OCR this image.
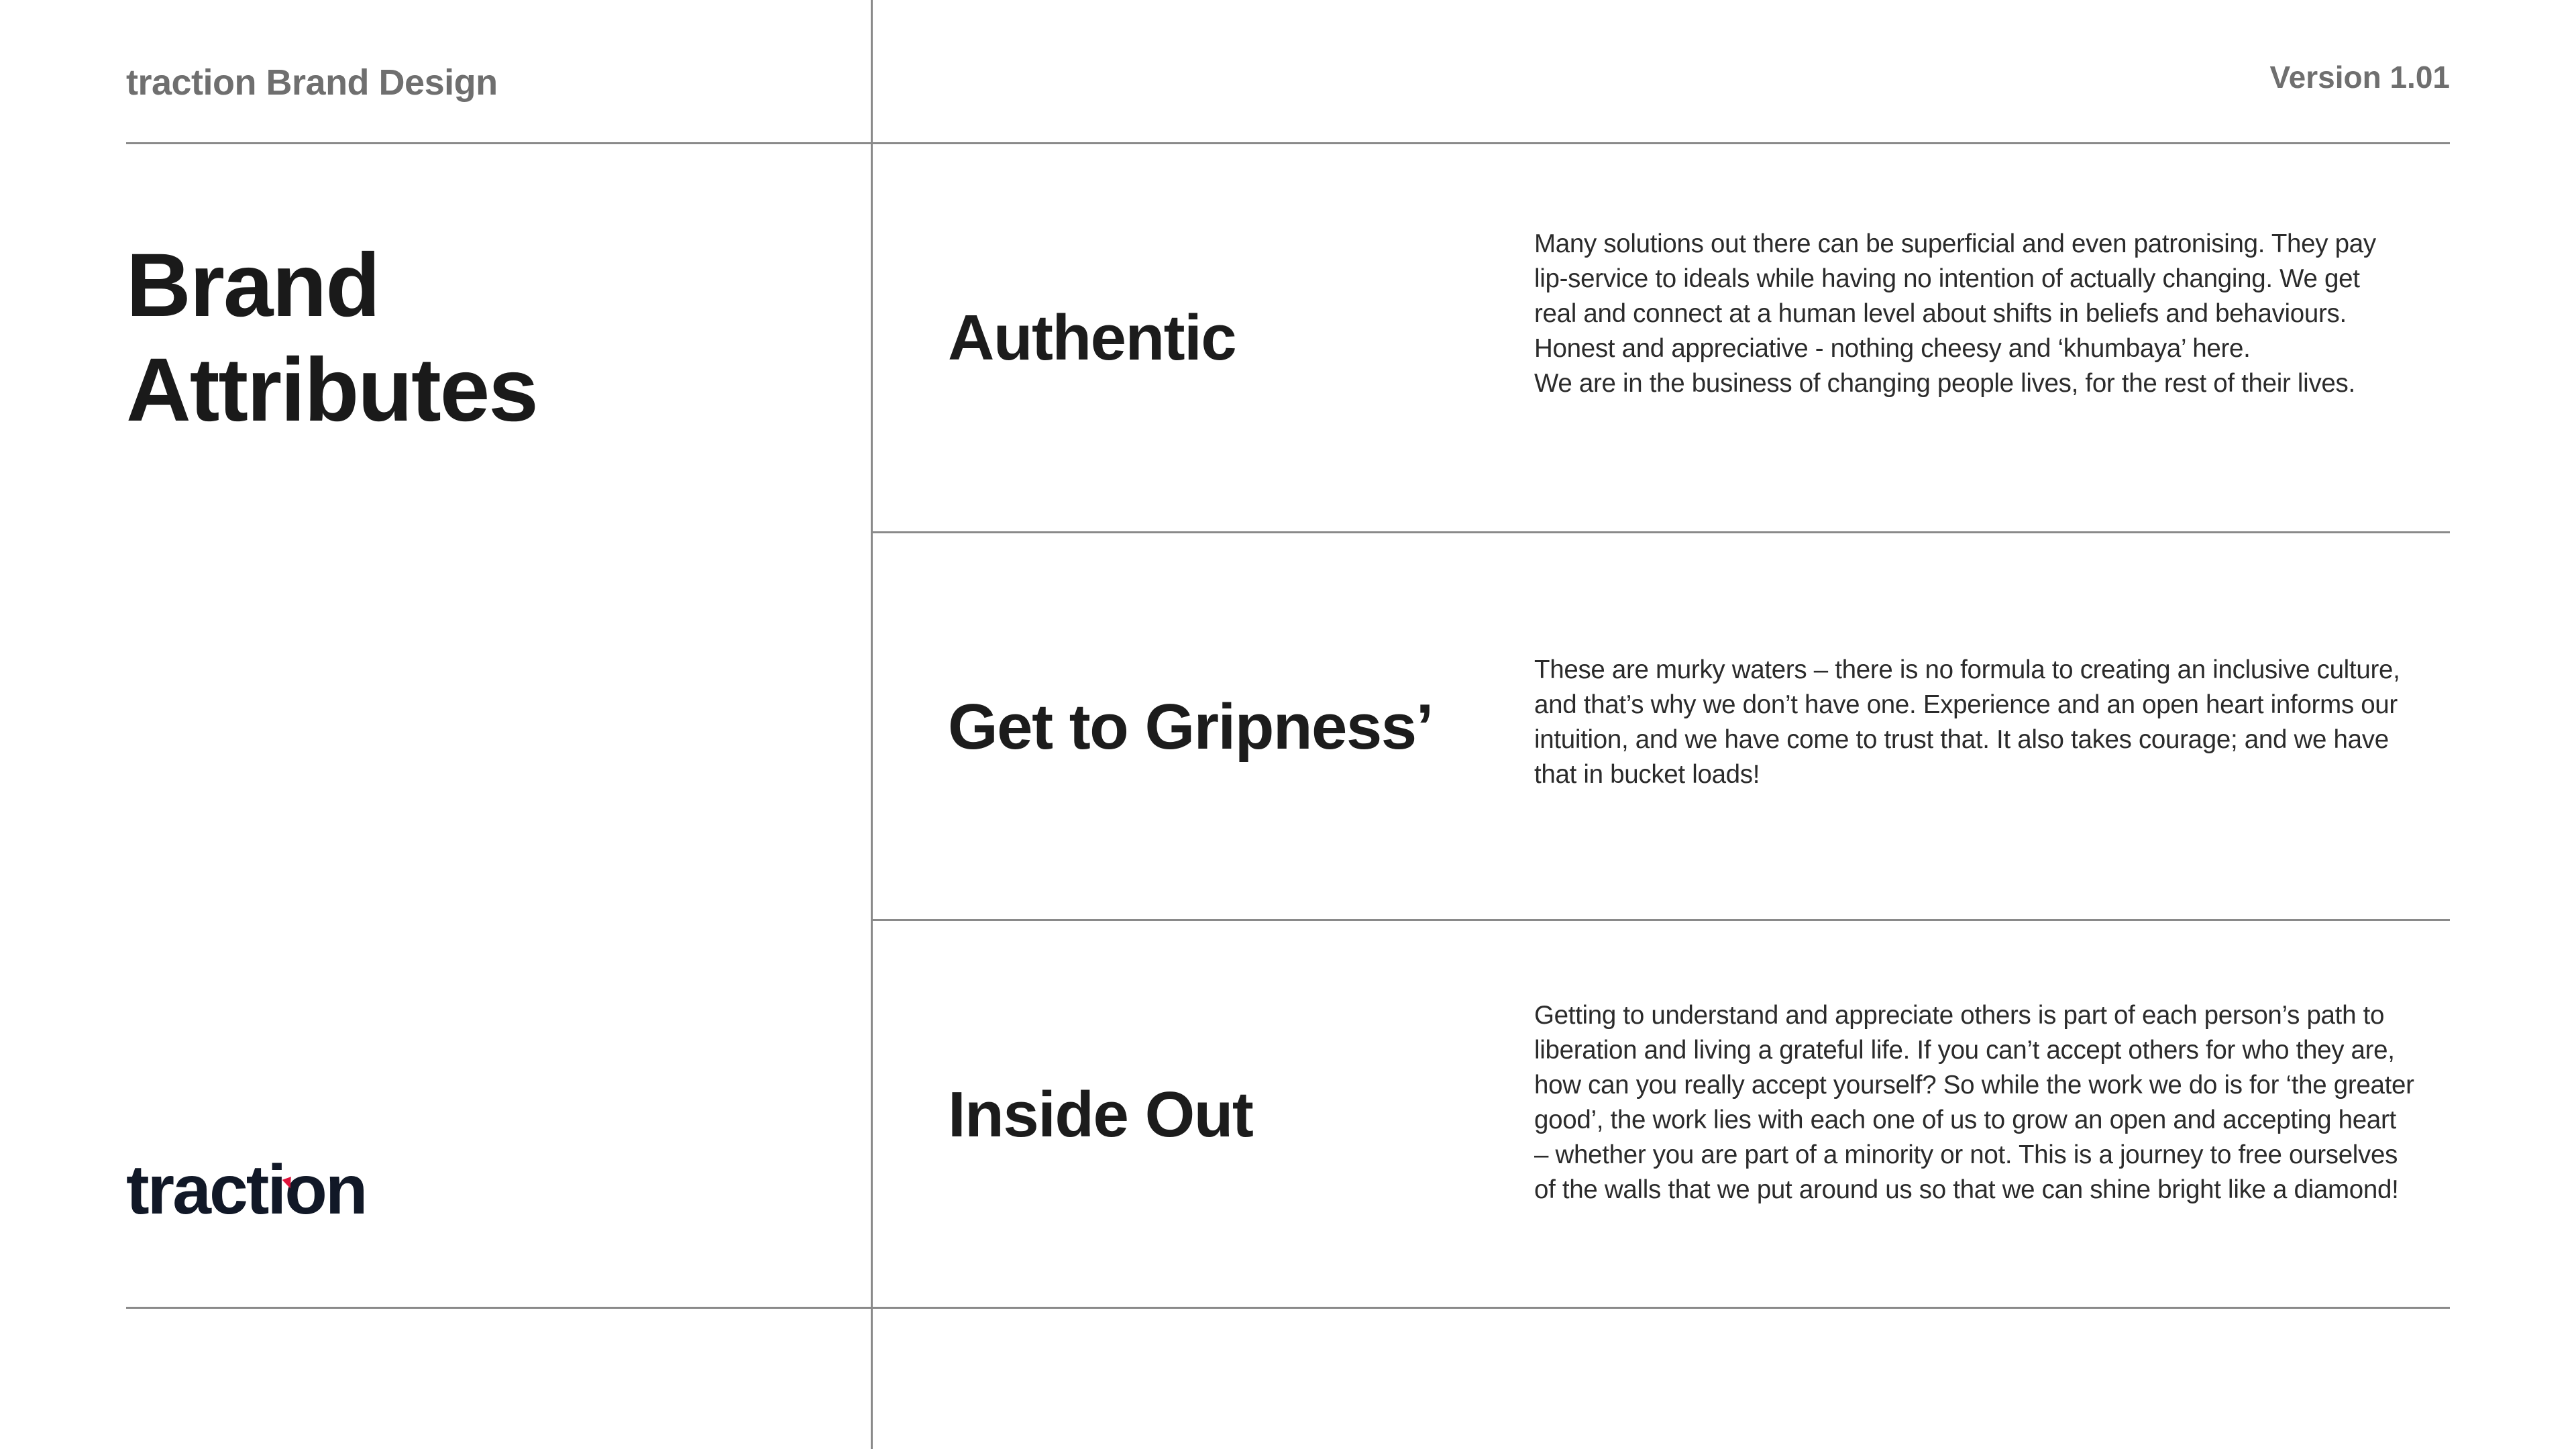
traction Brand Design	Version 1.01
Brand
Attributes
traction
Authentic
Many solutions out there can be superficial and even patronising. They pay
lip-service to ideals while having no intention of actually changing. We get
real and connect at a human level about shifts in beliefs and behaviours.
Honest and appreciative - nothing cheesy and ‘khumbaya’ here.
We are in the business of changing people lives, for the rest of their lives.
Get to Gripness’
These are murky waters – there is no formula to creating an inclusive culture,
and that’s why we don’t have one. Experience and an open heart informs our
intuition, and we have come to trust that. It also takes courage; and we have
that in bucket loads!
Inside Out
Getting to understand and appreciate others is part of each person’s path to
liberation and living a grateful life. If you can’t accept others for who they are,
how can you really accept yourself? So while the work we do is for ‘the greater
good’, the work lies with each one of us to grow an open and accepting heart
– whether you are part of a minority or not. This is a journey to free ourselves
of the walls that we put around us so that we can shine bright like a diamond!
